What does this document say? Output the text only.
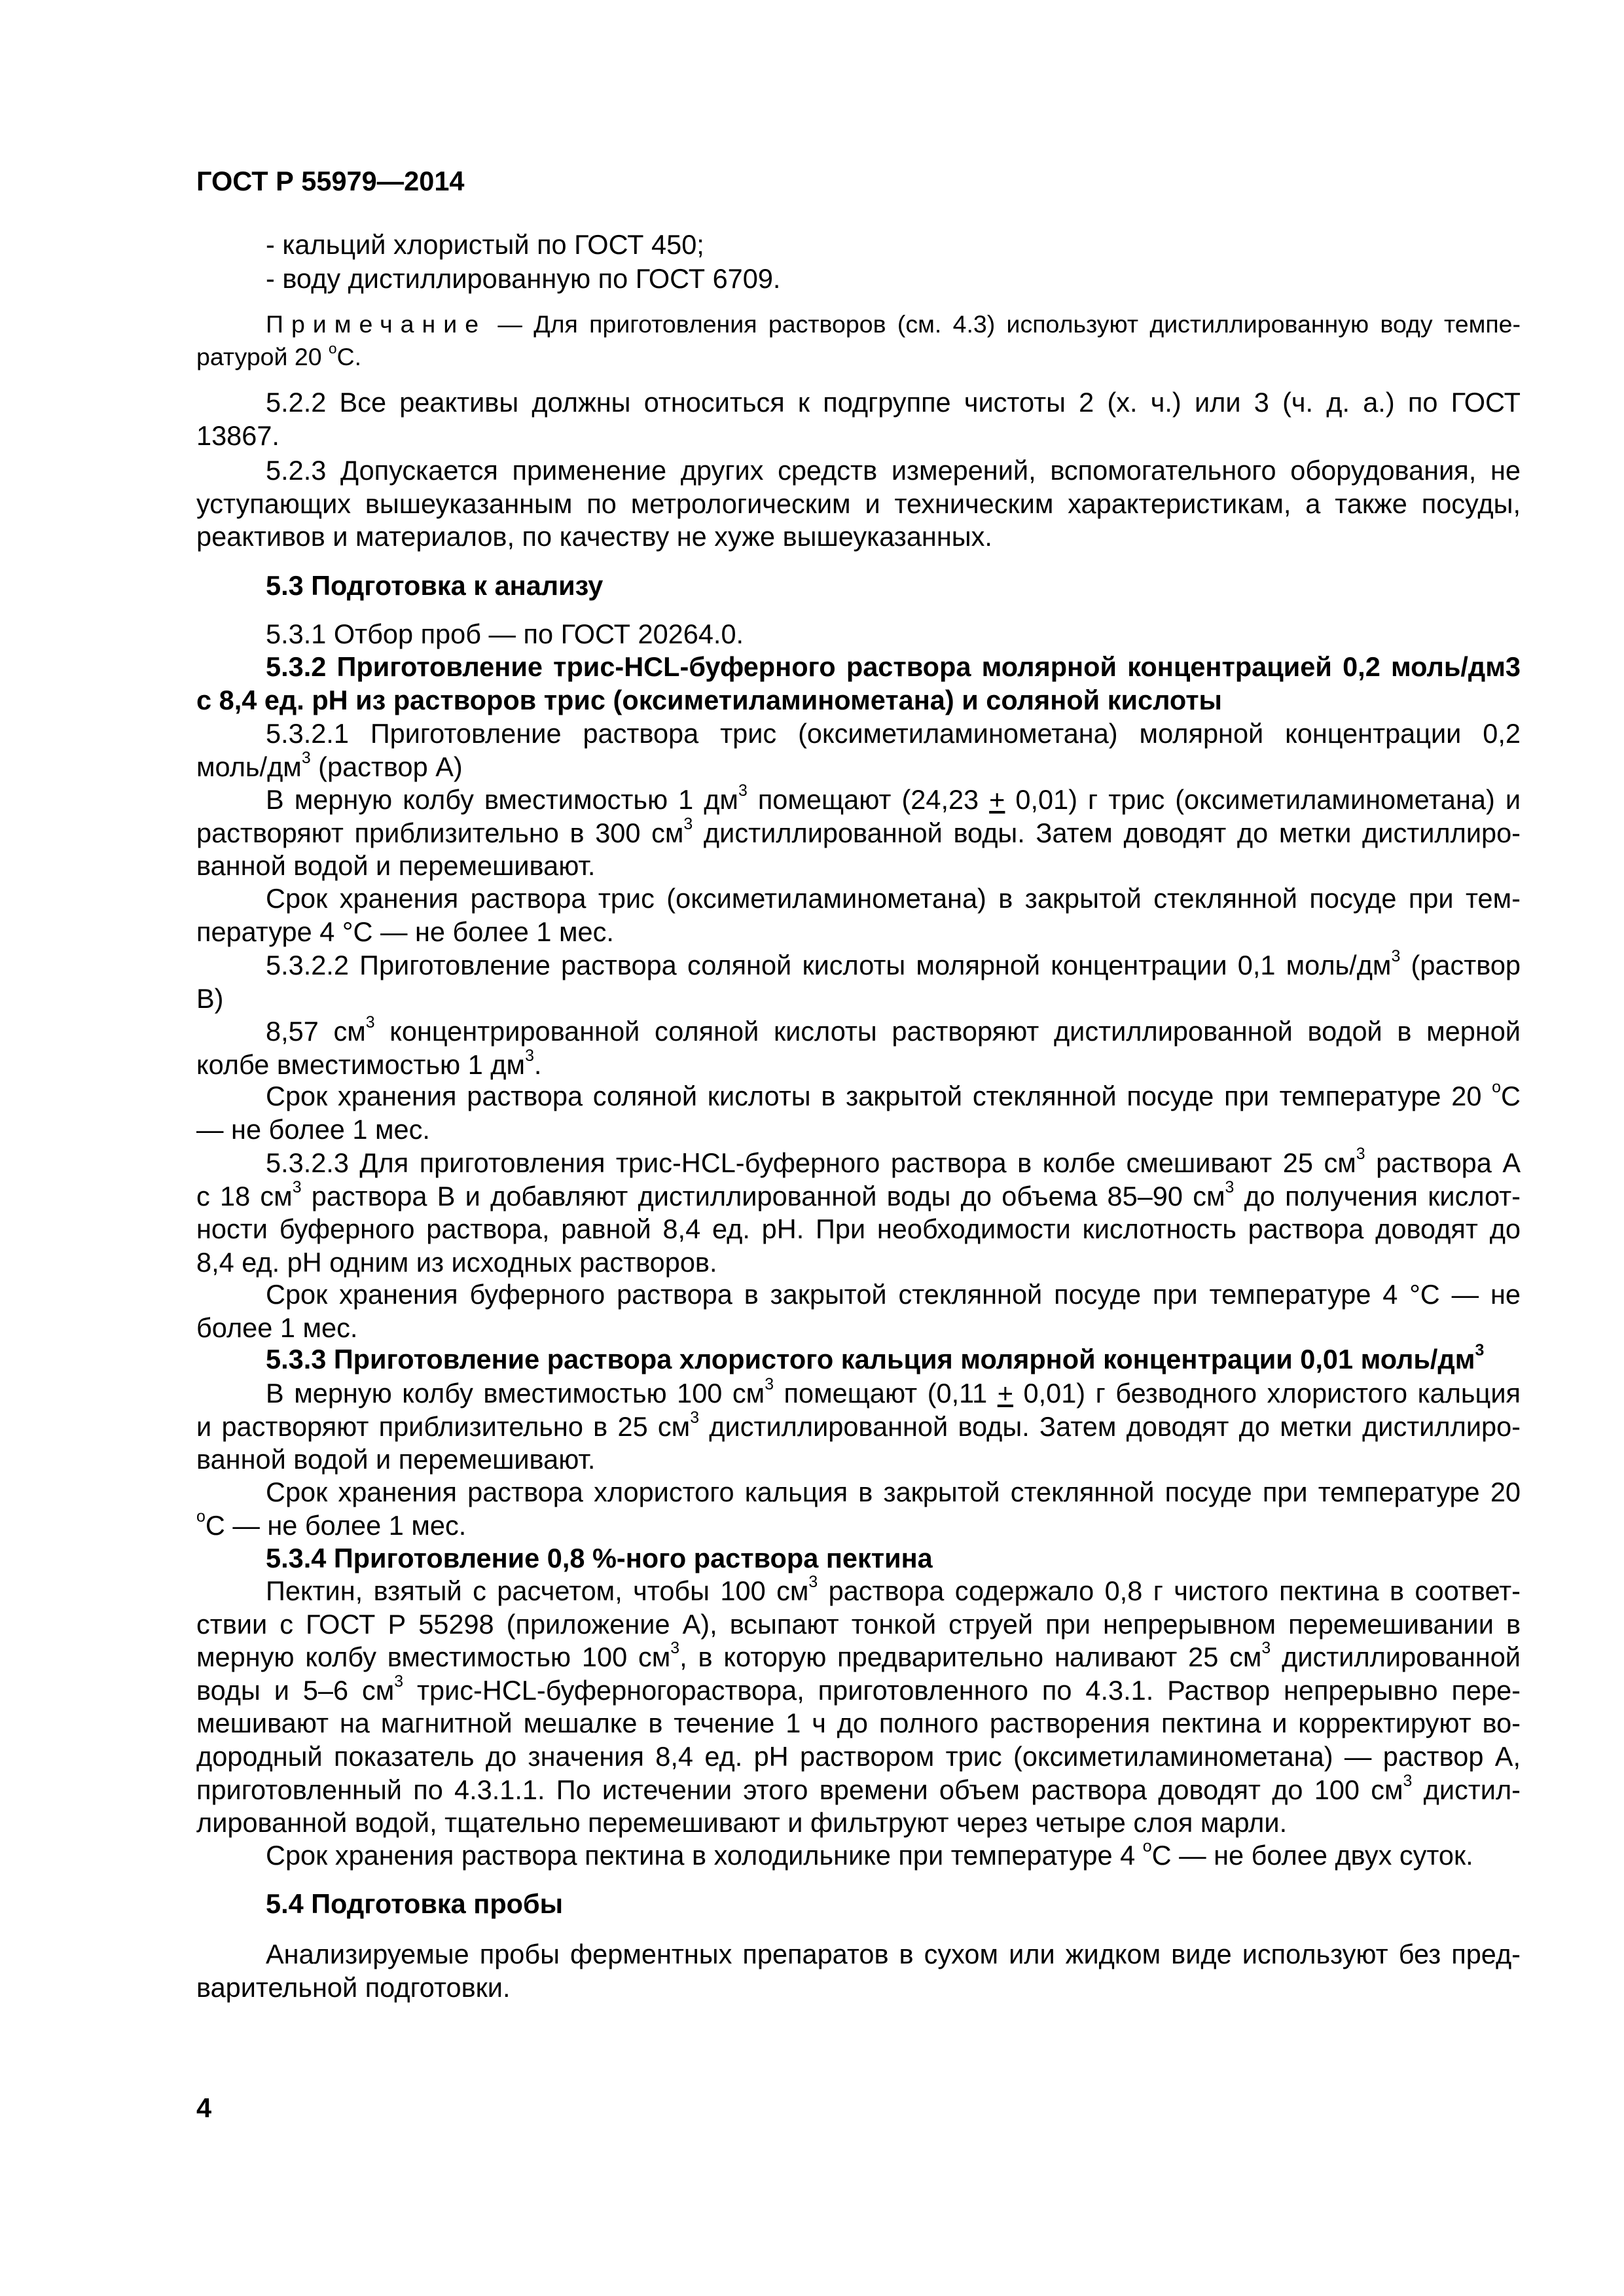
ГОСТ Р 55979—2014
4
- кальций хлористый по ГОСТ 450;
- воду дистиллированную по ГОСТ 6709.
Примечание — Для приготовления растворов (см. 4.3) используют дистиллированную воду темпе-
ратурой 20 $^o$С.
5.2.2 Все реактивы должны относиться к подгруппе чистоты 2 (х. ч.) или 3 (ч. д. а.) по ГОСТ
13867.
5.2.3 Допускается применение других средств измерений, вспомогательного оборудования, не
уступающих вышеуказанным по метрологическим и техническим характеристикам, а также посуды,
реактивов и материалов, по качеству не хуже вышеуказанных.
5.3 Подготовка к анализу
5.3.1 Отбор проб — по ГОСТ 20264.0.
5.3.2 Приготовление трис-HCL-буферного раствора молярной концентрацией 0,2 моль/дм3
с 8,4 ед. рН из растворов трис (оксиметиламинометана) и соляной кислоты
5.3.2.1 Приготовление раствора трис (оксиметиламинометана) молярной концентрации 0,2
моль/$дм^3$ (раствор А)
В мерную колбу вместимостью 1 $дм^3$ помещают (24,23 + 0,01) г трис (оксиметиламинометана) и
растворяют приблизительно в 300 $см^3$ дистиллированной воды. Затем доводят до метки дистиллиро-
ванной водой и перемешивают.
Срок хранения раствора трис (оксиметиламинометана) в закрытой стеклянной посуде при тем-
пературе 4 °С — не более 1 мес.
5.3.2.2 Приготовление раствора соляной кислоты молярной концентрации 0,1 моль/$дм^3$ (раствор
В)
8,57 $см^3$ концентрированной соляной кислоты растворяют дистиллированной водой в мерной
колбе вместимостью 1 $дм^3$.
Срок хранения раствора соляной кислоты в закрытой стеклянной посуде при температуре 20 $^o$С
— не более 1 мес.
5.3.2.3 Для приготовления трис-HCL-буферного раствора в колбе смешивают 25 $см^3$ раствора А
с 18 $см^3$ раствора В и добавляют дистиллированной воды до объема 85–90 $см^3$ до получения кислот-
ности буферного раствора, равной 8,4 ед. рН. При необходимости кислотность раствора доводят до
8,4 ед. рН одним из исходных растворов.
Срок хранения буферного раствора в закрытой стеклянной посуде при температуре 4 °С — не
более 1 мес.
5.3.3 Приготовление раствора хлористого кальция молярной концентрации 0,01 моль/$дм^3$
В мерную колбу вместимостью 100 $см^3$ помещают (0,11 + 0,01) г безводного хлористого кальция
и растворяют приблизительно в 25 $см^3$ дистиллированной воды. Затем доводят до метки дистиллиро-
ванной водой и перемешивают.
Срок хранения раствора хлористого кальция в закрытой стеклянной посуде при температуре 20
$^o$С — не более 1 мес.
5.3.4 Приготовление 0,8 %-ного раствора пектина
Пектин, взятый с расчетом, чтобы 100 $см^3$ раствора содержало 0,8 г чистого пектина в соответ-
ствии с ГОСТ Р 55298 (приложение А), всыпают тонкой струей при непрерывном перемешивании в
мерную колбу вместимостью 100 $см^3$, в которую предварительно наливают 25 $см^3$ дистиллированной
воды и 5–6 $см^3$ трис-HCL-буферногораствора, приготовленного по 4.3.1. Раствор непрерывно пере-
мешивают на магнитной мешалке в течение 1 ч до полного растворения пектина и корректируют во-
дородный показатель до значения 8,4 ед. рН раствором трис (оксиметиламинометана) — раствор А,
приготовленный по 4.3.1.1. По истечении этого времени объем раствора доводят до 100 $см^3$ дистил-
лированной водой, тщательно перемешивают и фильтруют через четыре слоя марли.
Срок хранения раствора пектина в холодильнике при температуре 4 $^o$С — не более двух суток.
5.4 Подготовка пробы
Анализируемые пробы ферментных препаратов в сухом или жидком виде используют без пред-
варительной подготовки.
